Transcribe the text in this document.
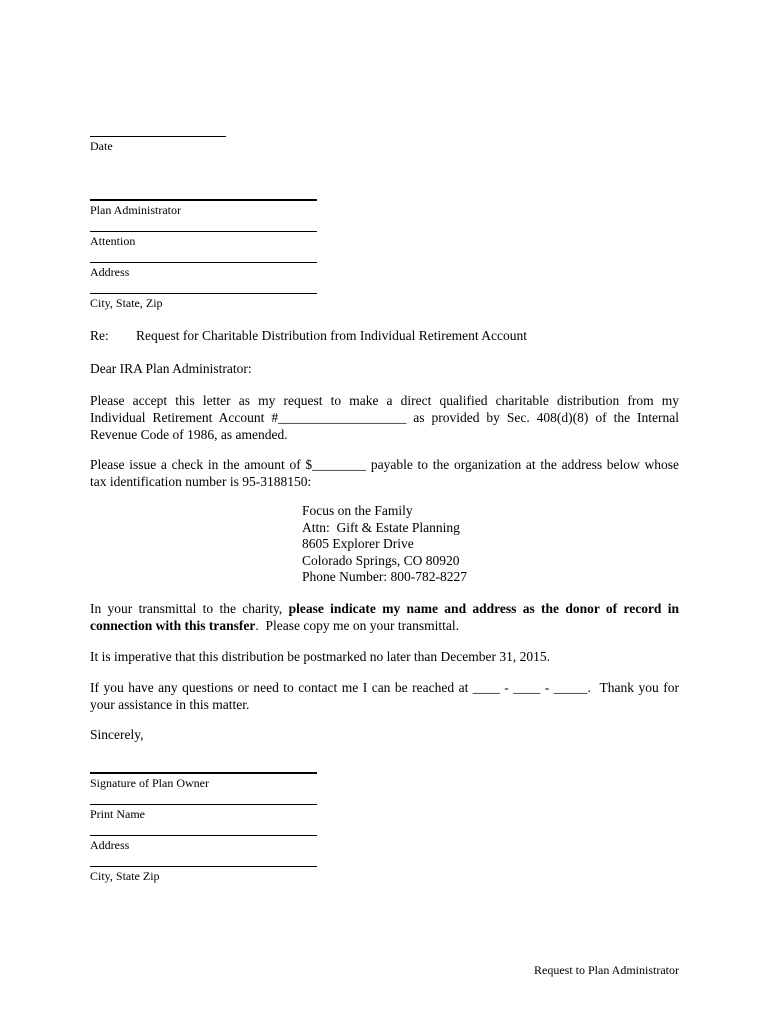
Date
Plan Administrator
Attention
Address
City, State, Zip
Re: Request for Charitable Distribution from Individual Retirement Account
Dear IRA Plan Administrator:
Please accept this letter as my request to make a direct qualified charitable distribution from my
Individual Retirement Account #___________________ as provided by Sec. 408(d)(8) of the Internal
Revenue Code of 1986, as amended.
Please issue a check in the amount of $________ payable to the organization at the address below whose
tax identification number is 95-3188150:
Focus on the Family
Attn:  Gift & Estate Planning
8605 Explorer Drive
Colorado Springs, CO 80920
Phone Number: 800-782-8227
In your transmittal to the charity, please indicate my name and address as the donor of record in
connection with this transfer.  Please copy me on your transmittal.
It is imperative that this distribution be postmarked no later than December 31, 2015.
If you have any questions or need to contact me I can be reached at ____ - ____ - _____.  Thank you for
your assistance in this matter.
Sincerely,
Signature of Plan Owner
Print Name
Address
City, State Zip
Request to Plan Administrator
